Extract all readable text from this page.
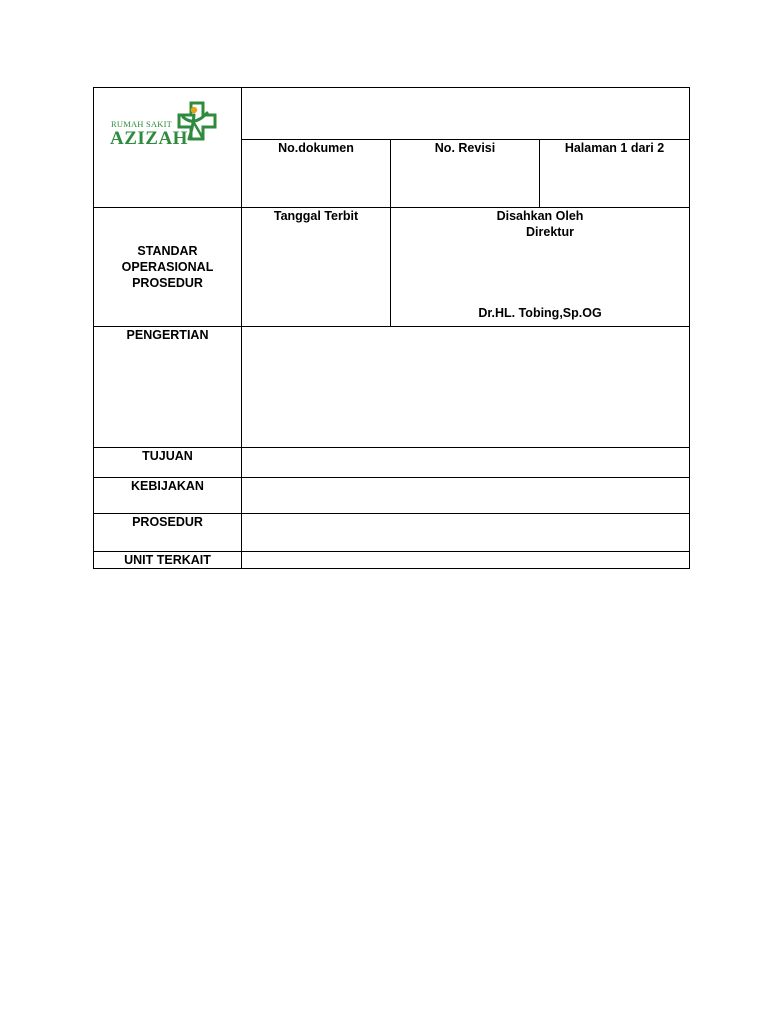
RUMAH SAKIT
AZIZAH			

	No.dokumen	No. Revisi	Halaman 1 dari 2

STANDAR
OPERASIONAL
PROSEDUR	Tanggal Terbit	Disahkan Oleh
Direktur
Dr.HL. Tobing,Sp.OG	

PENGERTIAN			

TUJUAN			

KEBIJAKAN			

PROSEDUR			

UNIT TERKAIT			
